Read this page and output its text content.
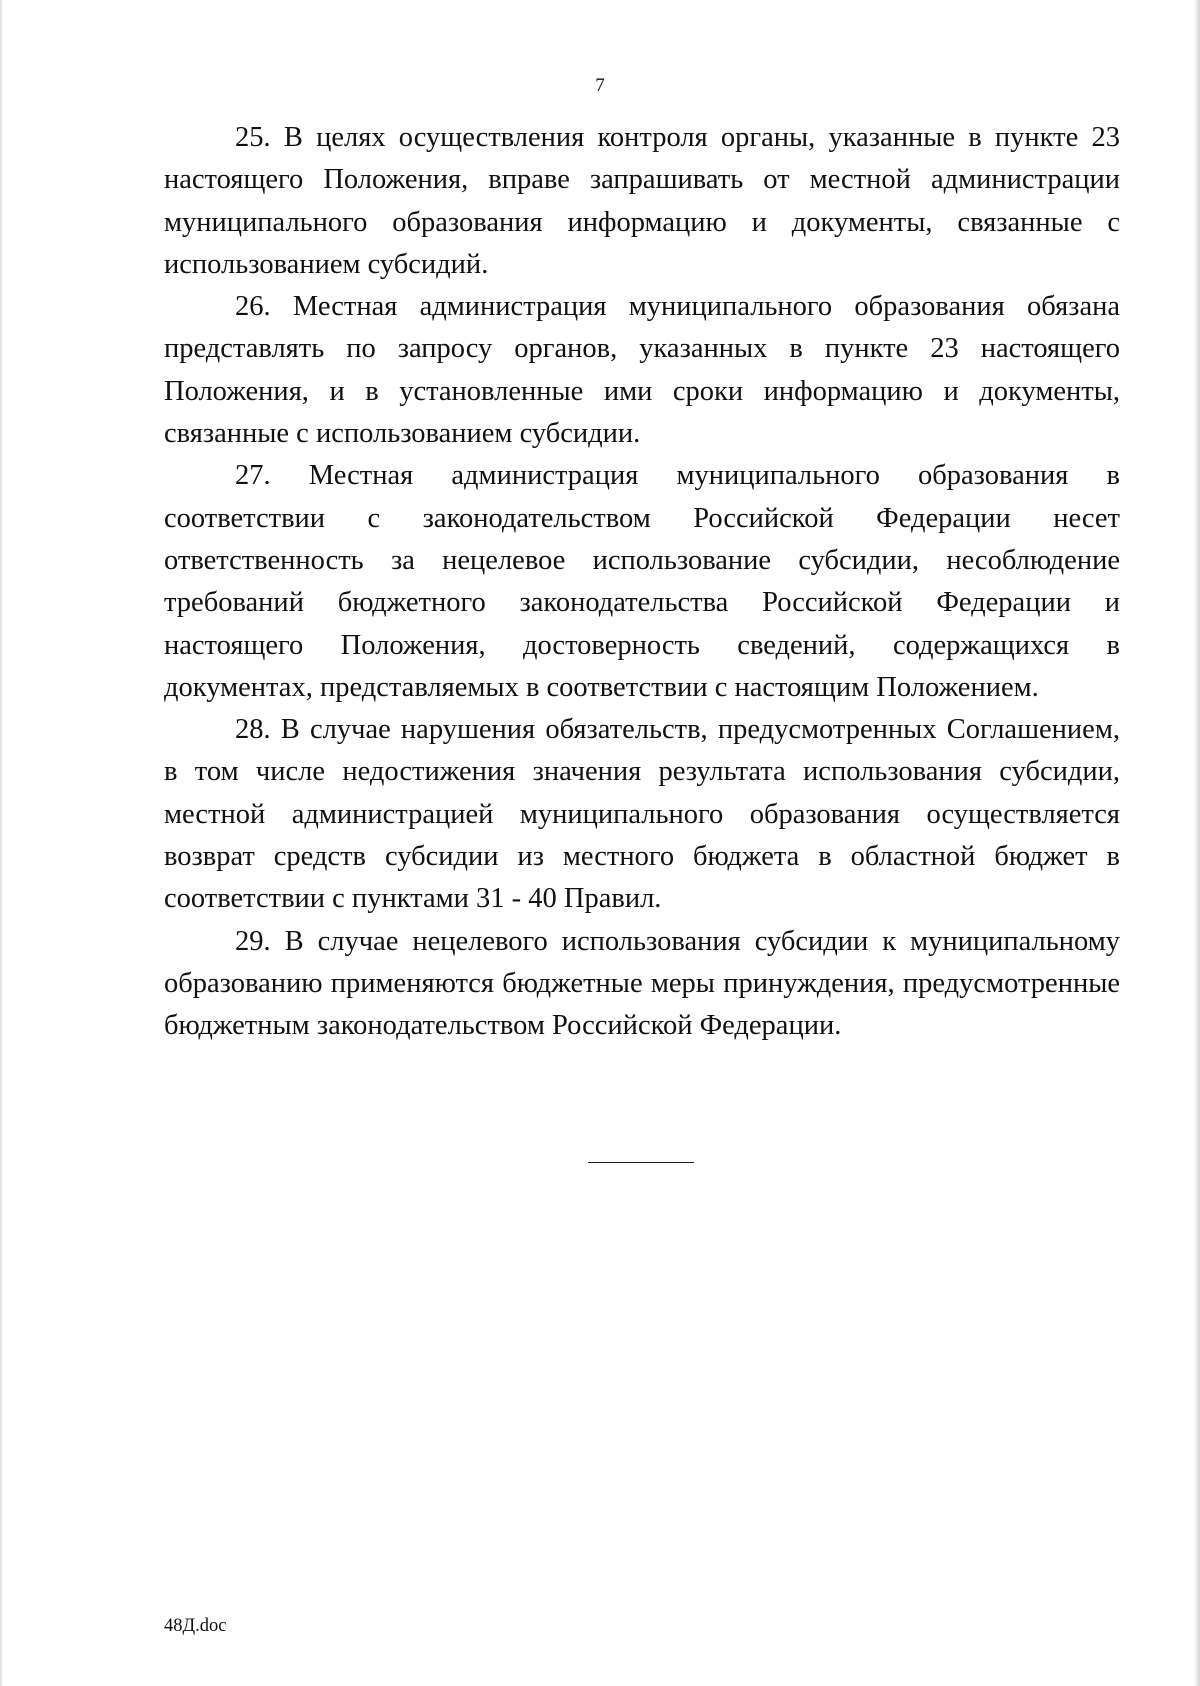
7

25. В целях осуществления контроля органы, указанные в пункте 23 настоящего Положения, вправе запрашивать от местной администрации муниципального образования информацию и документы, связанные с использованием субсидий.

26. Местная администрация муниципального образования обязана представлять по запросу органов, указанных в пункте 23 настоящего Положения, и в установленные ими сроки информацию и документы, связанные с использованием субсидии.

27. Местная администрация муниципального образования в соответствии с законодательством Российской Федерации несет ответственность за нецелевое использование субсидии, несоблюдение требований бюджетного законодательства Российской Федерации и настоящего Положения, достоверность сведений, содержащихся в документах, представляемых в соответствии с настоящим Положением.

28. В случае нарушения обязательств, предусмотренных Соглашением, в том числе недостижения значения результата использования субсидии, местной администрацией муниципального образования осуществляется возврат средств субсидии из местного бюджета в областной бюджет в соответствии с пунктами 31 - 40 Правил.

29. В случае нецелевого использования субсидии к муниципальному образованию применяются бюджетные меры принуждения, предусмотренные бюджетным законодательством Российской Федерации.

48Д.doc
